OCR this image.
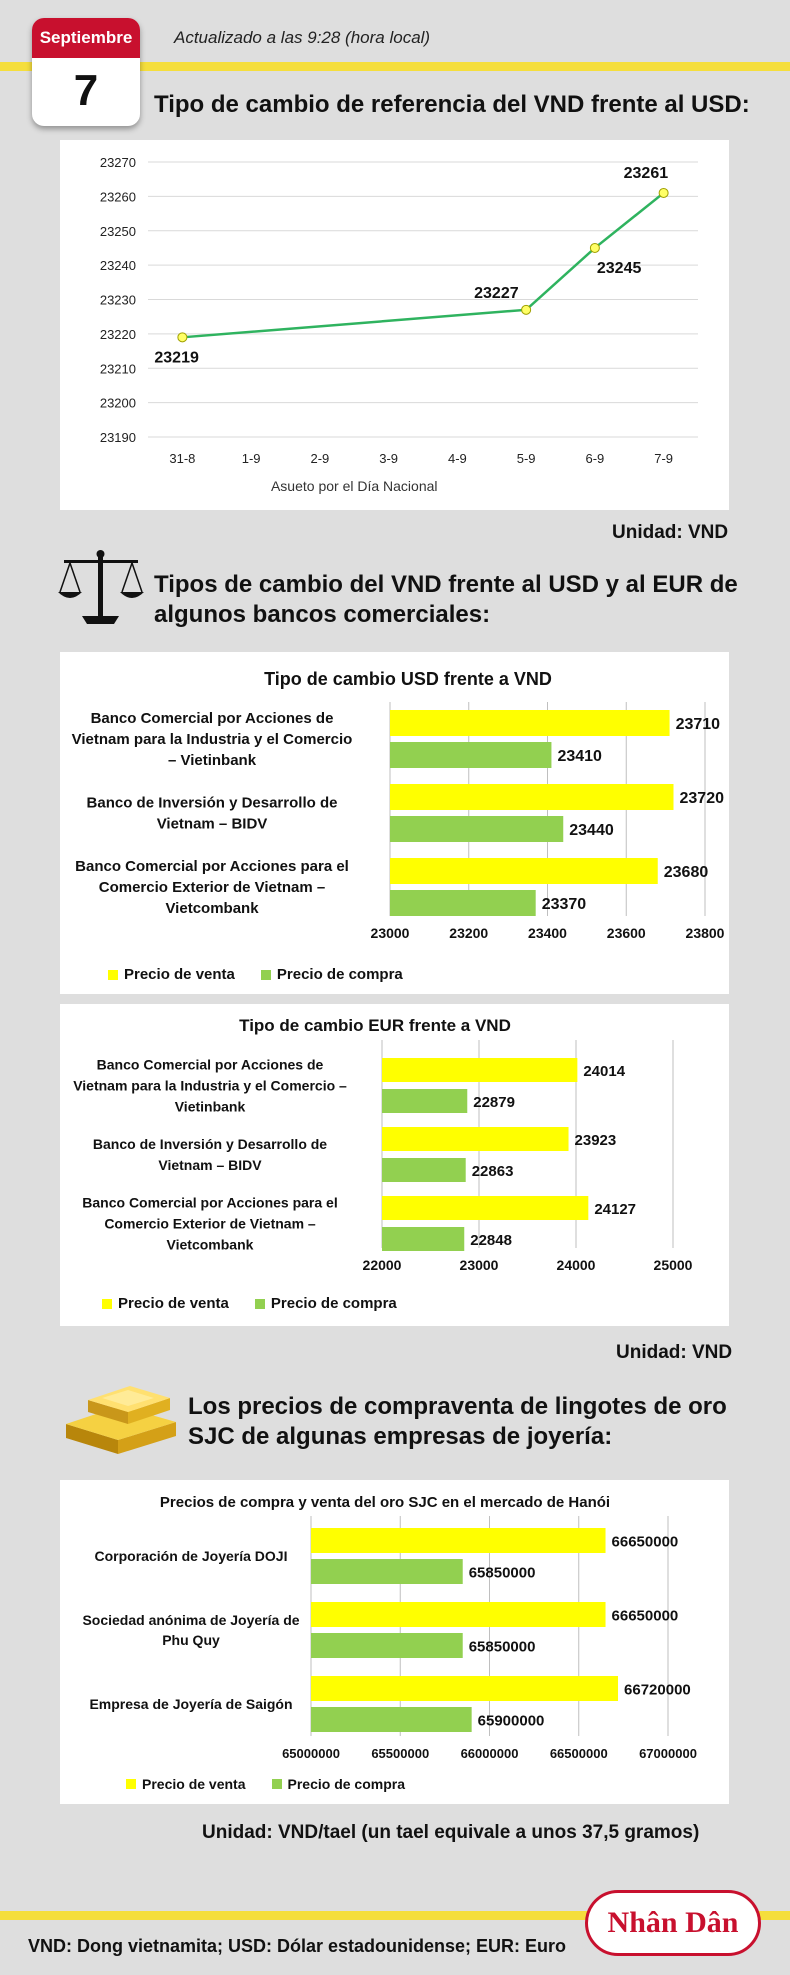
Septiembre
7
Actualizado a las 9:28 (hora local)
Tipo de cambio de referencia del VND frente al USD:
23190
23200
23210
23220
23230
23240
23250
23260
23270
31-8	1-9	2-9	3-9	4-9	5-9	6-9	7-9
Asueto por el Día Nacional
23219
23227
23245
23261
Unidad: VND
Tipos de cambio del VND frente al USD y al EUR de
algunos bancos comerciales:
Tipo de cambio USD frente a VND
23000	23200	23400	23600	23800
23710
23410
Banco Comercial por Acciones de
Vietnam para la Industria y el Comercio
– Vietinbank
23720
23440
Banco de Inversión y Desarrollo de
Vietnam – BIDV
23680
23370
Banco Comercial por Acciones para el
Comercio Exterior de Vietnam –
Vietcombank
Precio de venta	Precio de compra
Tipo de cambio EUR frente a VND
22000	23000	24000	25000
24014
22879
Banco Comercial por Acciones de
Vietnam para la Industria y el Comercio –
Vietinbank
23923
22863
Banco de Inversión y Desarrollo de
Vietnam – BIDV
24127
22848
Banco Comercial por Acciones para el
Comercio Exterior de Vietnam –
Vietcombank
Precio de venta	Precio de compra
Unidad: VND
Los precios de compraventa de lingotes de oro
SJC de algunas empresas de joyería:
Precios de compra y venta del oro SJC en el mercado de Hanói
65000000 65500000 66000000 66500000 67000000
66650000
65850000
Corporación de Joyería DOJI
66650000
65850000
Sociedad anónima de Joyería de
Phu Quy
66720000
65900000
Empresa de Joyería de Saigón
Precio de venta	Precio de compra
Unidad: VND/tael (un tael equivale a unos 37,5 gramos)
Nhân Dân
VND: Dong vietnamita; USD: Dólar estadounidense; EUR: Euro
